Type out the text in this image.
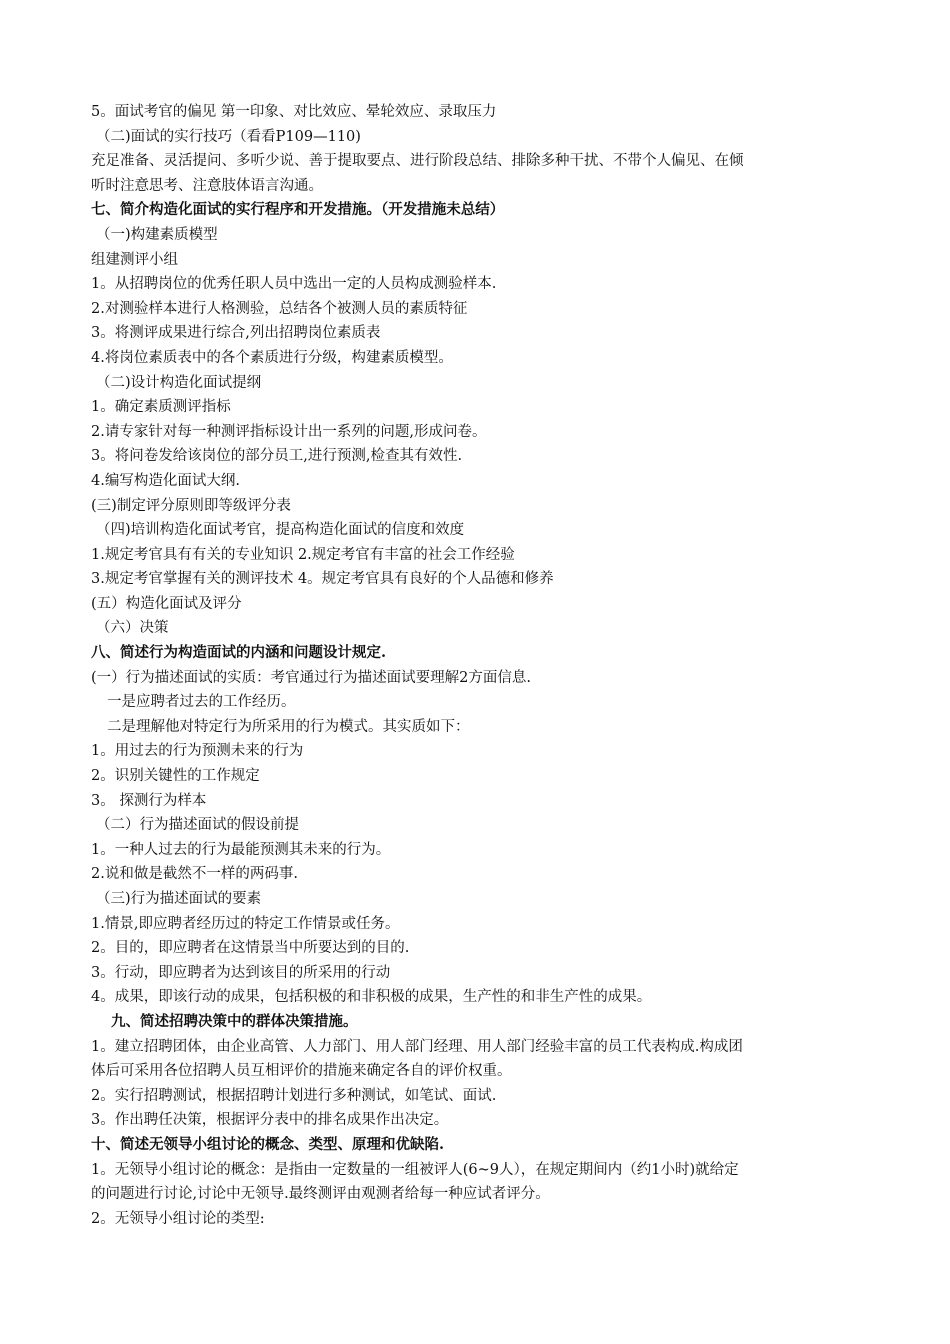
5。面试考官的偏见 第一印象、对比效应、晕轮效应、录取压力
（二)面试的实行技巧（看看P109—110)
充足准备、灵活提问、多听少说、善于提取要点、进行阶段总结、排除多种干扰、不带个人偏见、在倾
听时注意思考、注意肢体语言沟通。
七、简介构造化面试的实行程序和开发措施。（开发措施未总结）
（一)构建素质模型
组建测评小组
1。从招聘岗位的优秀任职人员中选出一定的人员构成测验样本.
2.对测验样本进行人格测验，总结各个被测人员的素质特征
3。将测评成果进行综合,列出招聘岗位素质表
4.将岗位素质表中的各个素质进行分级，构建素质模型。
（二)设计构造化面试提纲
1。确定素质测评指标
2.请专家针对每一种测评指标设计出一系列的问题,形成问卷。
3。将问卷发给该岗位的部分员工,进行预测,检查其有效性.
4.编写构造化面试大纲.
(三)制定评分原则即等级评分表
（四)培训构造化面试考官，提高构造化面试的信度和效度
1.规定考官具有有关的专业知识 2.规定考官有丰富的社会工作经验
3.规定考官掌握有关的测评技术 4。规定考官具有良好的个人品德和修养
(五）构造化面试及评分
（六）决策
八、简述行为构造面试的内涵和问题设计规定.
(一）行为描述面试的实质：考官通过行为描述面试要理解2方面信息.
一是应聘者过去的工作经历。
二是理解他对特定行为所采用的行为模式。其实质如下：
1。用过去的行为预测未来的行为
2。识别关键性的工作规定
3。 探测行为样本
（二）行为描述面试的假设前提
1。一种人过去的行为最能预测其未来的行为。
2.说和做是截然不一样的两码事.
（三)行为描述面试的要素
1.情景,即应聘者经历过的特定工作情景或任务。
2。目的，即应聘者在这情景当中所要达到的目的.
3。行动，即应聘者为达到该目的所采用的行动
4。成果，即该行动的成果，包括积极的和非积极的成果，生产性的和非生产性的成果。
九、简述招聘决策中的群体决策措施。
1。建立招聘团体，由企业高管、人力部门、用人部门经理、用人部门经验丰富的员工代表构成.构成团
体后可采用各位招聘人员互相评价的措施来确定各自的评价权重。
2。实行招聘测试，根据招聘计划进行多种测试，如笔试、面试.
3。作出聘任决策，根据评分表中的排名成果作出决定。
十、简述无领导小组讨论的概念、类型、原理和优缺陷.
1。无领导小组讨论的概念：是指由一定数量的一组被评人(6~9人），在规定期间内（约1小时)就给定
的问题进行讨论,讨论中无领导.最终测评由观测者给每一种应试者评分。
2。无领导小组讨论的类型:
